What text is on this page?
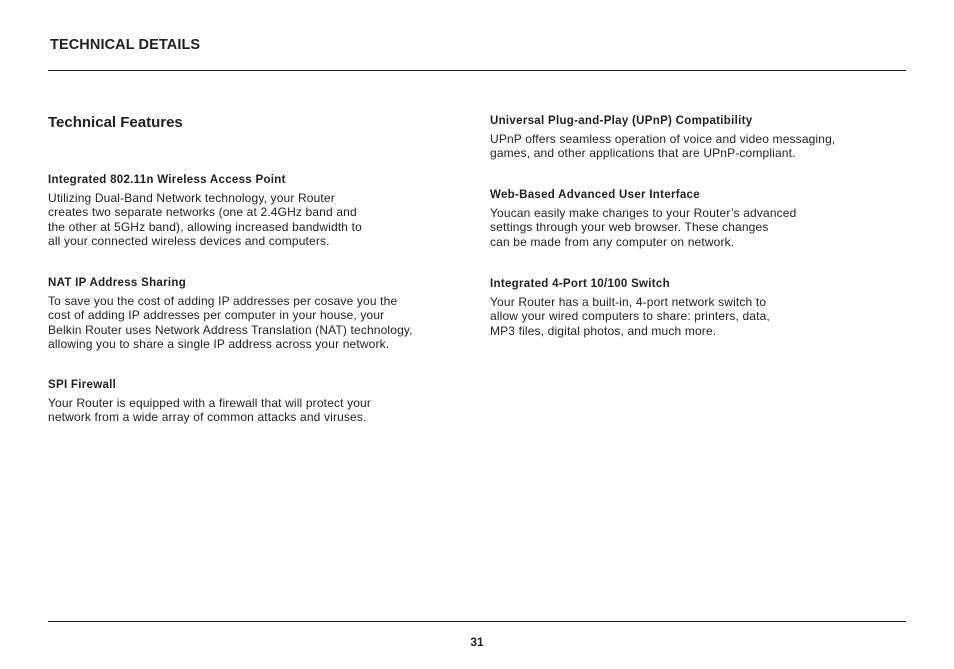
TECHNICAL DETAILS
Technical Features
Integrated 802.11n Wireless Access Point

Utilizing Dual-Band Network technology, your Router
creates two separate networks (one at 2.4GHz band and
the other at 5GHz band), allowing increased bandwidth to
all your connected wireless devices and computers.

NAT IP Address Sharing

To save you the cost of adding IP addresses per cosave you the
cost of adding IP addresses per computer in your house, your
Belkin Router uses Network Address Translation (NAT) technology,
allowing you to share a single IP address across your network.

SPI Firewall

Your Router is equipped with a firewall that will protect your
network from a wide array of common attacks and viruses.

Universal Plug-and-Play (UPnP) Compatibility

UPnP offers seamless operation of voice and video messaging,
games, and other applications that are UPnP-compliant.

Web-Based Advanced User Interface

Youcan easily make changes to your Router’s advanced
settings through your web browser. These changes
can be made from any computer on network.

Integrated 4-Port 10/100 Switch

Your Router has a built-in, 4-port network switch to
allow your wired computers to share: printers, data,
MP3 files, digital photos, and much more.

31
